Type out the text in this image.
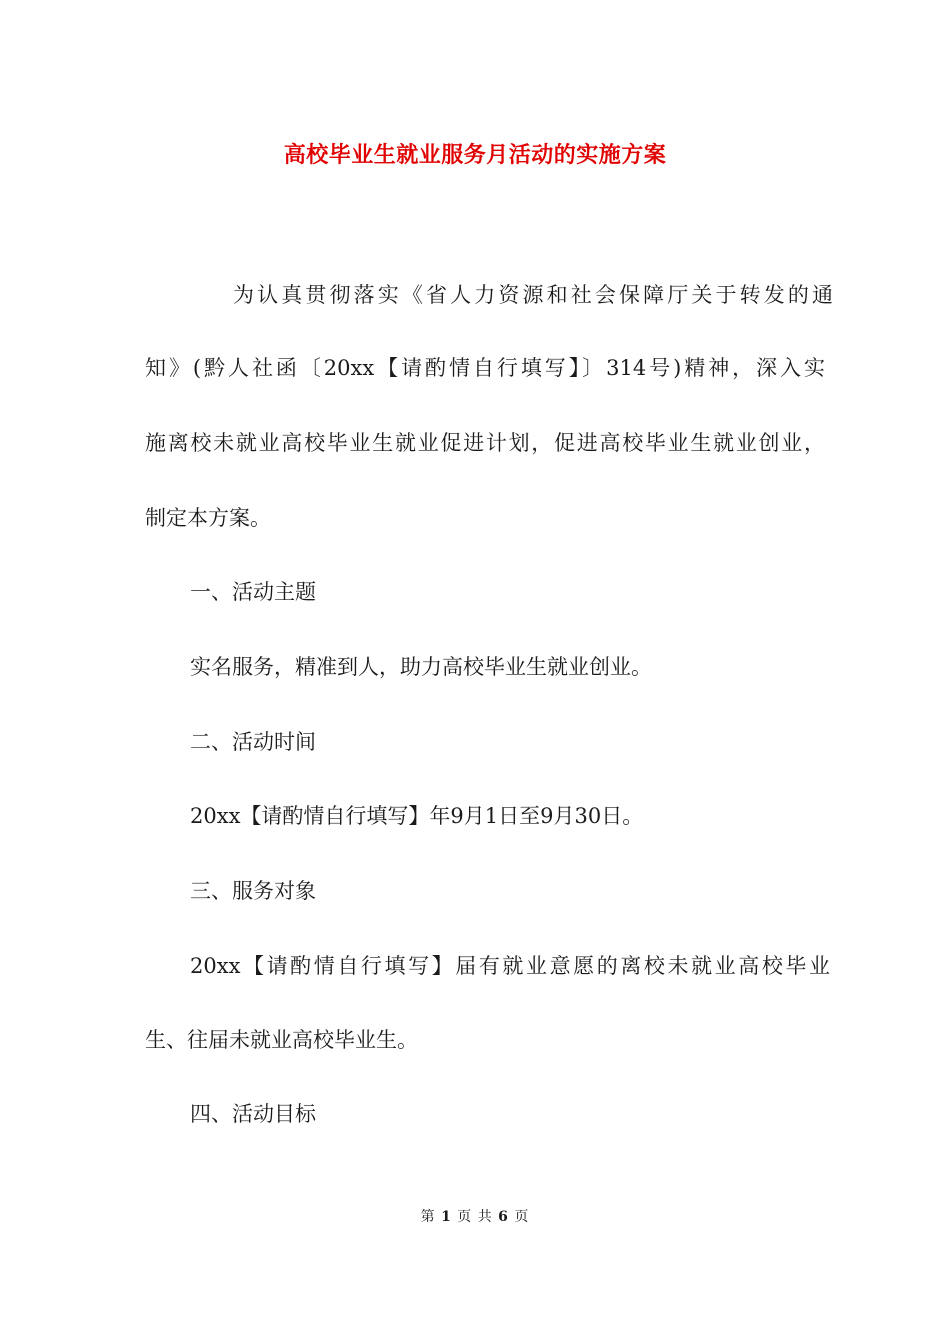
高校毕业生就业服务月活动的实施方案
为认真贯彻落实《省人力资源和社会保障厅关于转发的通
知》(黔人社函〔20xx【请酌情自行填写】〕314号)精神，深入实
施离校未就业高校毕业生就业促进计划，促进高校毕业生就业创业，
制定本方案。
一、活动主题
实名服务，精准到人，助力高校毕业生就业创业。
二、活动时间
20xx【请酌情自行填写】年9月1日至9月30日。
三、服务对象
20xx【请酌情自行填写】届有就业意愿的离校未就业高校毕业
生、往届未就业高校毕业生。
四、活动目标
第 1 页 共 6 页
